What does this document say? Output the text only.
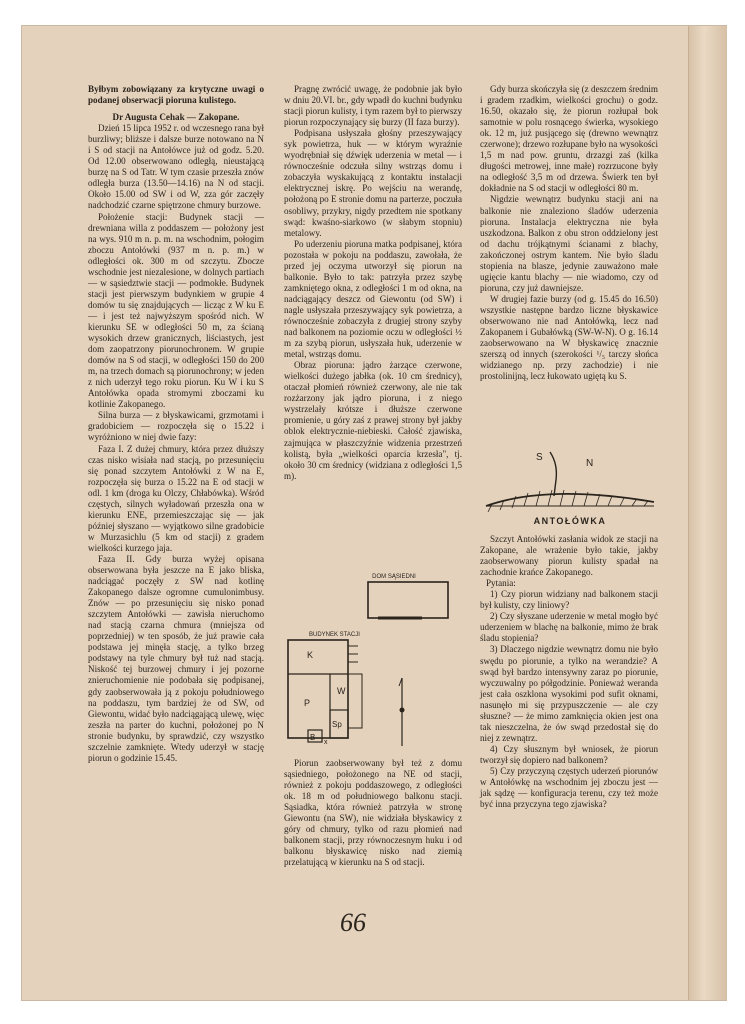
Byłbym zobowiązany za krytyczne uwagi o podanej obserwacji pioruna kulistego.

Dr Augusta Cehak — Zakopane.

Dzień 15 lipca 1952 r. od wczesnego rana był burzliwy; bliższe i dalsze burze notowano na N i S od stacji na Antołówce już od godz. 5.20. Od 12.00 obserwowano odległą, nieustającą burzę na S od Tatr. W tym czasie przeszła znów odległa burza (13.50—14.16) na N od stacji. Około 15.00 od SW i od W, zza gór zaczęły nadchodzić czarne spiętrzone chmury burzowe.

Położenie stacji: Budynek stacji — drewniana willa z poddaszem — położony jest na wys. 910 m n. p. m. na wschodnim, połogim zboczu Antołówki (937 m n. p. m.) w odległości ok. 300 m od szczytu. Zbocze wschodnie jest niezalesione, w dolnych partiach — w sąsiedztwie stacji — podmokłe. Budynek stacji jest pierwszym budynkiem w grupie 4 domów tu się znajdujących — licząc z W ku E — i jest też najwyższym spośród nich. W kierunku SE w odległości 50 m, za ścianą wysokich drzew granicznych, liściastych, jest dom zaopatrzony piorunochronem. W grupie domów na S od stacji, w odległości 150 do 200 m, na trzech domach są piorunochrony; w jeden z nich uderzył tego roku piorun. Ku W i ku S Antołówka opada stromymi zboczami ku kotlinie Zakopanego.

Silna burza — z błyskawicami, grzmotami i gradobiciem — rozpoczęła się o 15.22 i wyróżniono w niej dwie fazy:

Faza I. Z dużej chmury, która przez dłuższy czas nisko wisiała nad stacją, po przesunięciu się ponad szczytem Antołówki z W na E, rozpoczęła się burza o 15.22 na E od stacji w odl. 1 km (droga ku Olczy, Chłabówka). Wśród częstych, silnych wyładowań przeszła ona w kierunku ENE, przemieszczając się — jak później słyszano — wyjątkowo silne gradobicie w Murzasichlu (5 km od stacji) z gradem wielkości kurzego jaja.

Faza II. Gdy burza wyżej opisana obserwowana była jeszcze na E jako bliska, nadciągać poczęły z SW nad kotlinę Zakopanego dalsze ogromne cumulonimbusy. Znów — po przesunięciu się nisko ponad szczytem Antołówki — zawisła nieruchomo nad stacją czarna chmura (mniejsza od poprzedniej) w ten sposób, że już prawie cała podstawa jej minęła stację, a tylko brzeg podstawy na tyle chmury był tuż nad stacją. Niskość tej burzowej chmury i jej pozorne znieruchomienie nie podobała się podpisanej, gdy zaobserwowała ją z pokoju południowego na poddaszu, tym bardziej że od SW, od Giewontu, widać było nadciągającą ulewę, więc zeszła na parter do kuchni, położonej po N stronie budynku, by sprawdzić, czy wszystko szczelnie zamknięte. Wtedy uderzył w stację piorun o godzinie 15.45.

Pragnę zwrócić uwagę, że podobnie jak było w dniu 20.VI. br., gdy wpadł do kuchni budynku stacji piorun kulisty, i tym razem był to pierwszy piorun rozpoczynający się burzy (II faza burzy).

Podpisana usłyszała głośny przeszywający syk powietrza, huk — w którym wyraźnie wyodrębniał się dźwięk uderzenia w metal — i równocześnie odczuła silny wstrząs domu i zobaczyła wyskakującą z kontaktu instalacji elektrycznej iskrę. Po wejściu na werandę, położoną po E stronie domu na parterze, poczuła osobliwy, przykry, nigdy przedtem nie spotkany swąd: kwaśno-siarkowo (w słabym stopniu) metalowy.

Po uderzeniu pioruna matka podpisanej, która pozostała w pokoju na poddaszu, zawołała, że przed jej oczyma utworzył się piorun na balkonie. Było to tak: patrzyła przez szybę zamkniętego okna, z odległości 1 m od okna, na nadciągający deszcz od Giewontu (od SW) i nagle usłyszała przeszywający syk powietrza, a równocześnie zobaczyła z drugiej strony szyby nad balkonem na poziomie oczu w odległości ½ m za szybą piorun, usłyszała huk, uderzenie w metal, wstrząs domu.

Obraz pioruna: jądro żarzące czerwone, wielkości dużego jabłka (ok. 10 cm średnicy), otaczał płomień również czerwony, ale nie tak rozżarzony jak jądro pioruna, i z niego wystrzelały krótsze i dłuższe czerwone promienie, u góry zaś z prawej strony był jakby oblok elektrycznie-niebieski. Całość zjawiska, zajmująca w płaszczyźnie widzenia przestrzeń kolistą, była „wielkości oparcia krzesła", tj. około 30 cm średnicy (widziana z odległości 1,5 m).

DOM SĄSIEDNI
BUDYNEK STACJI
K
P
W
Sp
B
x

Piorun zaobserwowany był też z domu sąsiedniego, położonego na NE od stacji, również z pokoju poddaszowego, z odległości ok. 18 m od południowego balkonu stacji. Sąsiadka, która również patrzyła w stronę Giewontu (na SW), nie widziała błyskawicy z góry od chmury, tylko od razu płomień nad balkonem stacji, przy równoczesnym huku i od balkonu błyskawicę nisko nad ziemią przelatującą w kierunku na S od stacji.

Gdy burza skończyła się (z deszczem średnim i gradem rzadkim, wielkości grochu) o godz. 16.50, okazało się, że piorun rozłupał bok samotnie w polu rosnącego świerka, wysokiego ok. 12 m, już pusjącego się (drewno wewnątrz czerwone); drzewo rozłupane było na wysokości 1,5 m nad pow. gruntu, drzazgi zaś (kilka długości metrowej, inne małe) rozrzucone były na odległość 3,5 m od drzewa. Świerk ten był dokładnie na S od stacji w odległości 80 m.

Nigdzie wewnątrz budynku stacji ani na balkonie nie znaleziono śladów uderzenia pioruna. Instalacja elektryczna nie była uszkodzona. Balkon z obu stron oddzielony jest od dachu trójkątnymi ścianami z blachy, zakończonej ostrym kantem. Nie było śladu stopienia na blasze, jedynie zauważono małe ugięcie kantu blachy — nie wiadomo, czy od pioruna, czy już dawniejsze.

W drugiej fazie burzy (od g. 15.45 do 16.50) wszystkie następne bardzo liczne błyskawice obserwowano nie nad Antołówką, lecz nad Zakopanem i Gubałówką (SW-W-N). O g. 16.14 zaobserwowano na W błyskawicę znacznie szerszą od innych (szerokości ¹/₅ tarczy słońca widzianego np. przy zachodzie) i nie prostolinijną, lecz łukowato ugiętą ku S.

S
N
ANTOŁÓWKA

Szczyt Antołówki zasłania widok ze stacji na Zakopane, ale wrażenie było takie, jakby zaobserwowany piorun kulisty spadał na zachodnie krańce Zakopanego.

Pytania:

1) Czy piorun widziany nad balkonem stacji był kulisty, czy liniowy?

2) Czy słyszane uderzenie w metal mogło być uderzeniem w blachę na balkonie, mimo że brak śladu stopienia?

3) Dlaczego nigdzie wewnątrz domu nie było swędu po piorunie, a tylko na werandzie? A swąd był bardzo intensywny zaraz po piorunie, wyczuwalny po półgodzinie. Ponieważ weranda jest cała oszklona wysokimi pod sufit oknami, nasunęło mi się przypuszczenie — ale czy słuszne? — że mimo zamknięcia okien jest ona tak nieszczelna, że ów swąd przedostał się do niej z zewnątrz.

4) Czy słusznym był wniosek, że piorun tworzył się dopiero nad balkonem?

5) Czy przyczyną częstych uderzeń piorunów w Antołówkę na wschodnim jej zboczu jest — jak sądzę — konfiguracja terenu, czy też może być inna przyczyna tego zjawiska?

66
